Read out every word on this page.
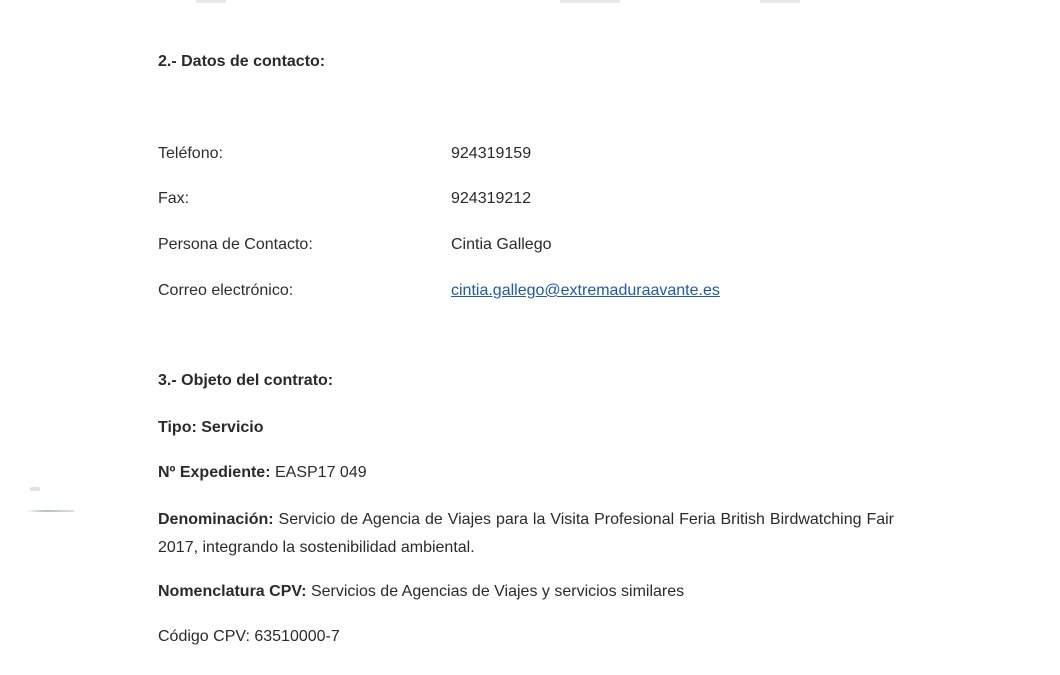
2.- Datos de contacto:
Teléfono:	924319159
Fax:	924319212
Persona de Contacto:	Cintia Gallego
Correo electrónico:	cintia.gallego@extremaduraavante.es
3.- Objeto del contrato:
Tipo: Servicio
Nº Expediente: EASP17 049
Denominación: Servicio de Agencia de Viajes para la Visita Profesional Feria British Birdwatching Fair 2017, integrando la sostenibilidad ambiental.
Nomenclatura CPV: Servicios de Agencias de Viajes y servicios similares
Código CPV: 63510000-7
